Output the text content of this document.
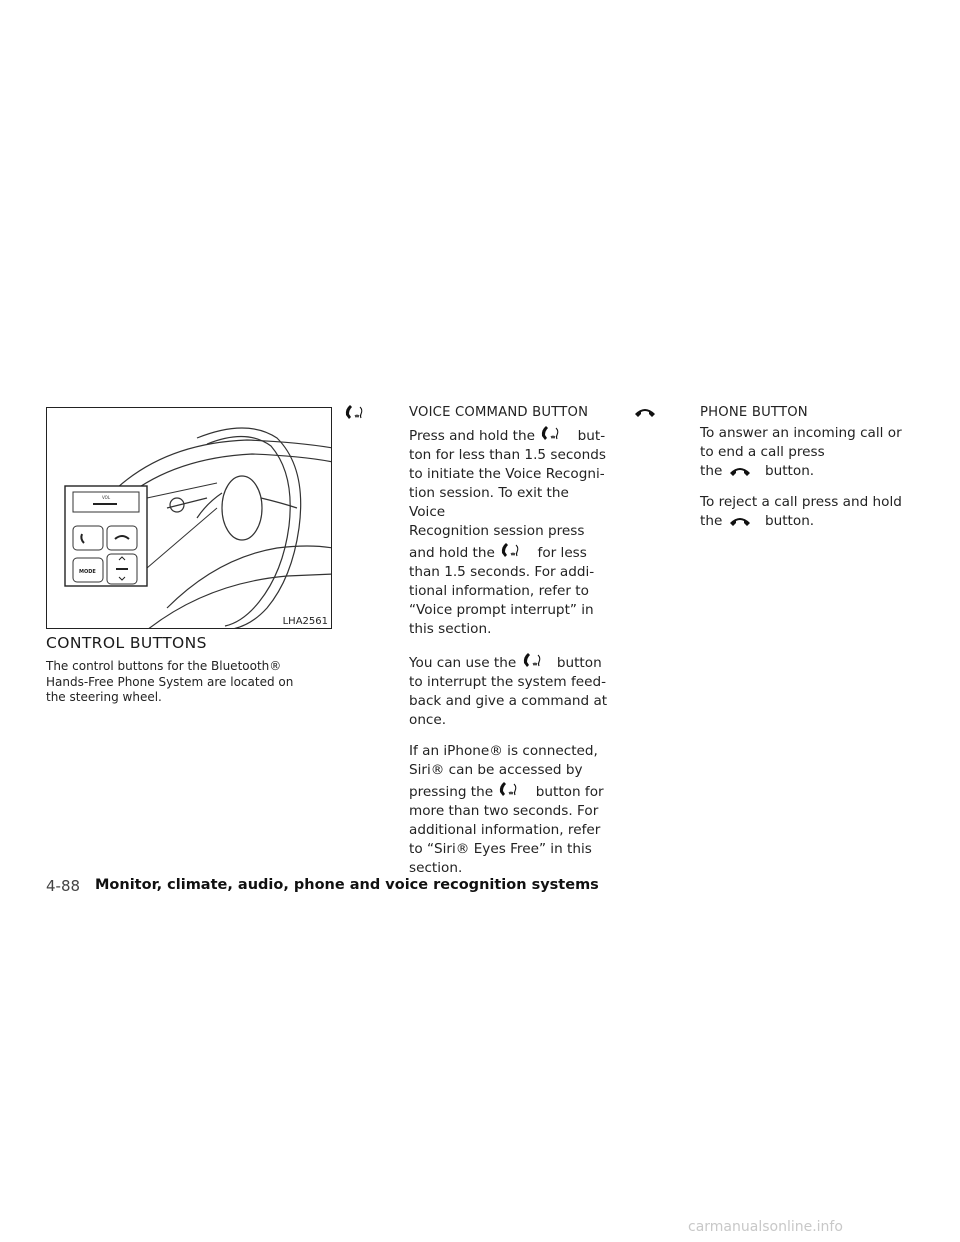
VOL
MODE
LHA2561
CONTROL BUTTONS
The control buttons for the Bluetooth®
Hands-Free Phone System are located on
the steering wheel.
VOICE COMMAND BUTTON
Press and hold the	but-
ton for less than 1.5 seconds
to initiate the Voice Recogni-
tion session. To exit the Voice
Recognition session press
and hold the	for less
than 1.5 seconds. For addi-
tional information, refer to
“Voice prompt interrupt” in
this section.
You can use the	button
to interrupt the system feed-
back and give a command at
once.
If an iPhone® is connected,
Siri® can be accessed by
pressing the	button for
more than two seconds. For
additional information, refer
to “Siri® Eyes Free” in this
section.
PHONE BUTTON
To answer an incoming call or
to end a call press
the	button.
To reject a call press and hold
the	button.
4-88 Monitor, climate, audio, phone and voice recognition systems
carmanualsonline.info
